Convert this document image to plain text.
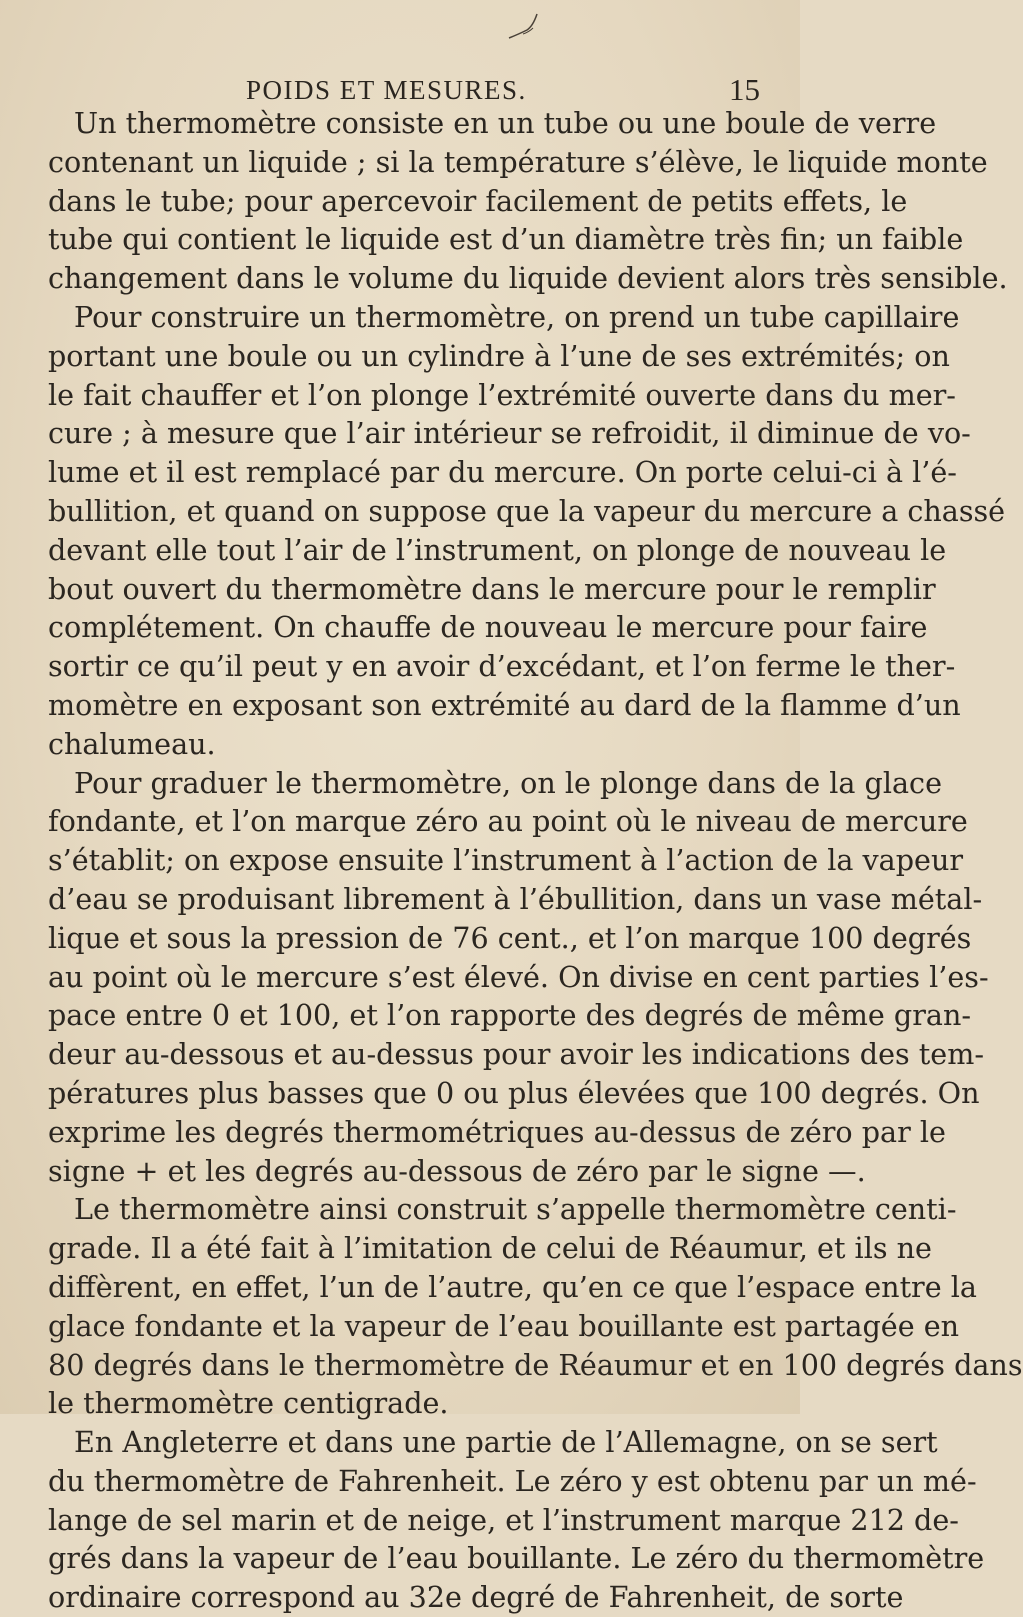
POIDS ET MESURES.	15
Un thermomètre consiste en un tube ou une boule de verre
contenant un liquide ; si la température s’élève, le liquide monte
dans le tube; pour apercevoir facilement de petits effets, le
tube qui contient le liquide est d’un diamètre très fin; un faible
changement dans le volume du liquide devient alors très sensible.
Pour construire un thermomètre, on prend un tube capillaire
portant une boule ou un cylindre à l’une de ses extrémités; on
le fait chauffer et l’on plonge l’extrémité ouverte dans du mer-
cure ; à mesure que l’air intérieur se refroidit, il diminue de vo-
lume et il est remplacé par du mercure. On porte celui-ci à l’é-
bullition, et quand on suppose que la vapeur du mercure a chassé
devant elle tout l’air de l’instrument, on plonge de nouveau le
bout ouvert du thermomètre dans le mercure pour le remplir
complétement. On chauffe de nouveau le mercure pour faire
sortir ce qu’il peut y en avoir d’excédant, et l’on ferme le ther-
momètre en exposant son extrémité au dard de la flamme d’un
chalumeau.
Pour graduer le thermomètre, on le plonge dans de la glace
fondante, et l’on marque zéro au point où le niveau de mercure
s’établit; on expose ensuite l’instrument à l’action de la vapeur
d’eau se produisant librement à l’ébullition, dans un vase métal-
lique et sous la pression de 76 cent., et l’on marque 100 degrés
au point où le mercure s’est élevé. On divise en cent parties l’es-
pace entre 0 et 100, et l’on rapporte des degrés de même gran-
deur au-dessous et au-dessus pour avoir les indications des tem-
pératures plus basses que 0 ou plus élevées que 100 degrés. On
exprime les degrés thermométriques au-dessus de zéro par le
signe + et les degrés au-dessous de zéro par le signe —.
Le thermomètre ainsi construit s’appelle thermomètre centi-
grade. Il a été fait à l’imitation de celui de Réaumur, et ils ne
diffèrent, en effet, l’un de l’autre, qu’en ce que l’espace entre la
glace fondante et la vapeur de l’eau bouillante est partagée en
80 degrés dans le thermomètre de Réaumur et en 100 degrés dans
le thermomètre centigrade.
En Angleterre et dans une partie de l’Allemagne, on se sert
du thermomètre de Fahrenheit. Le zéro y est obtenu par un mé-
lange de sel marin et de neige, et l’instrument marque 212 de-
grés dans la vapeur de l’eau bouillante. Le zéro du thermomètre
ordinaire correspond au 32e degré de Fahrenheit, de sorte
